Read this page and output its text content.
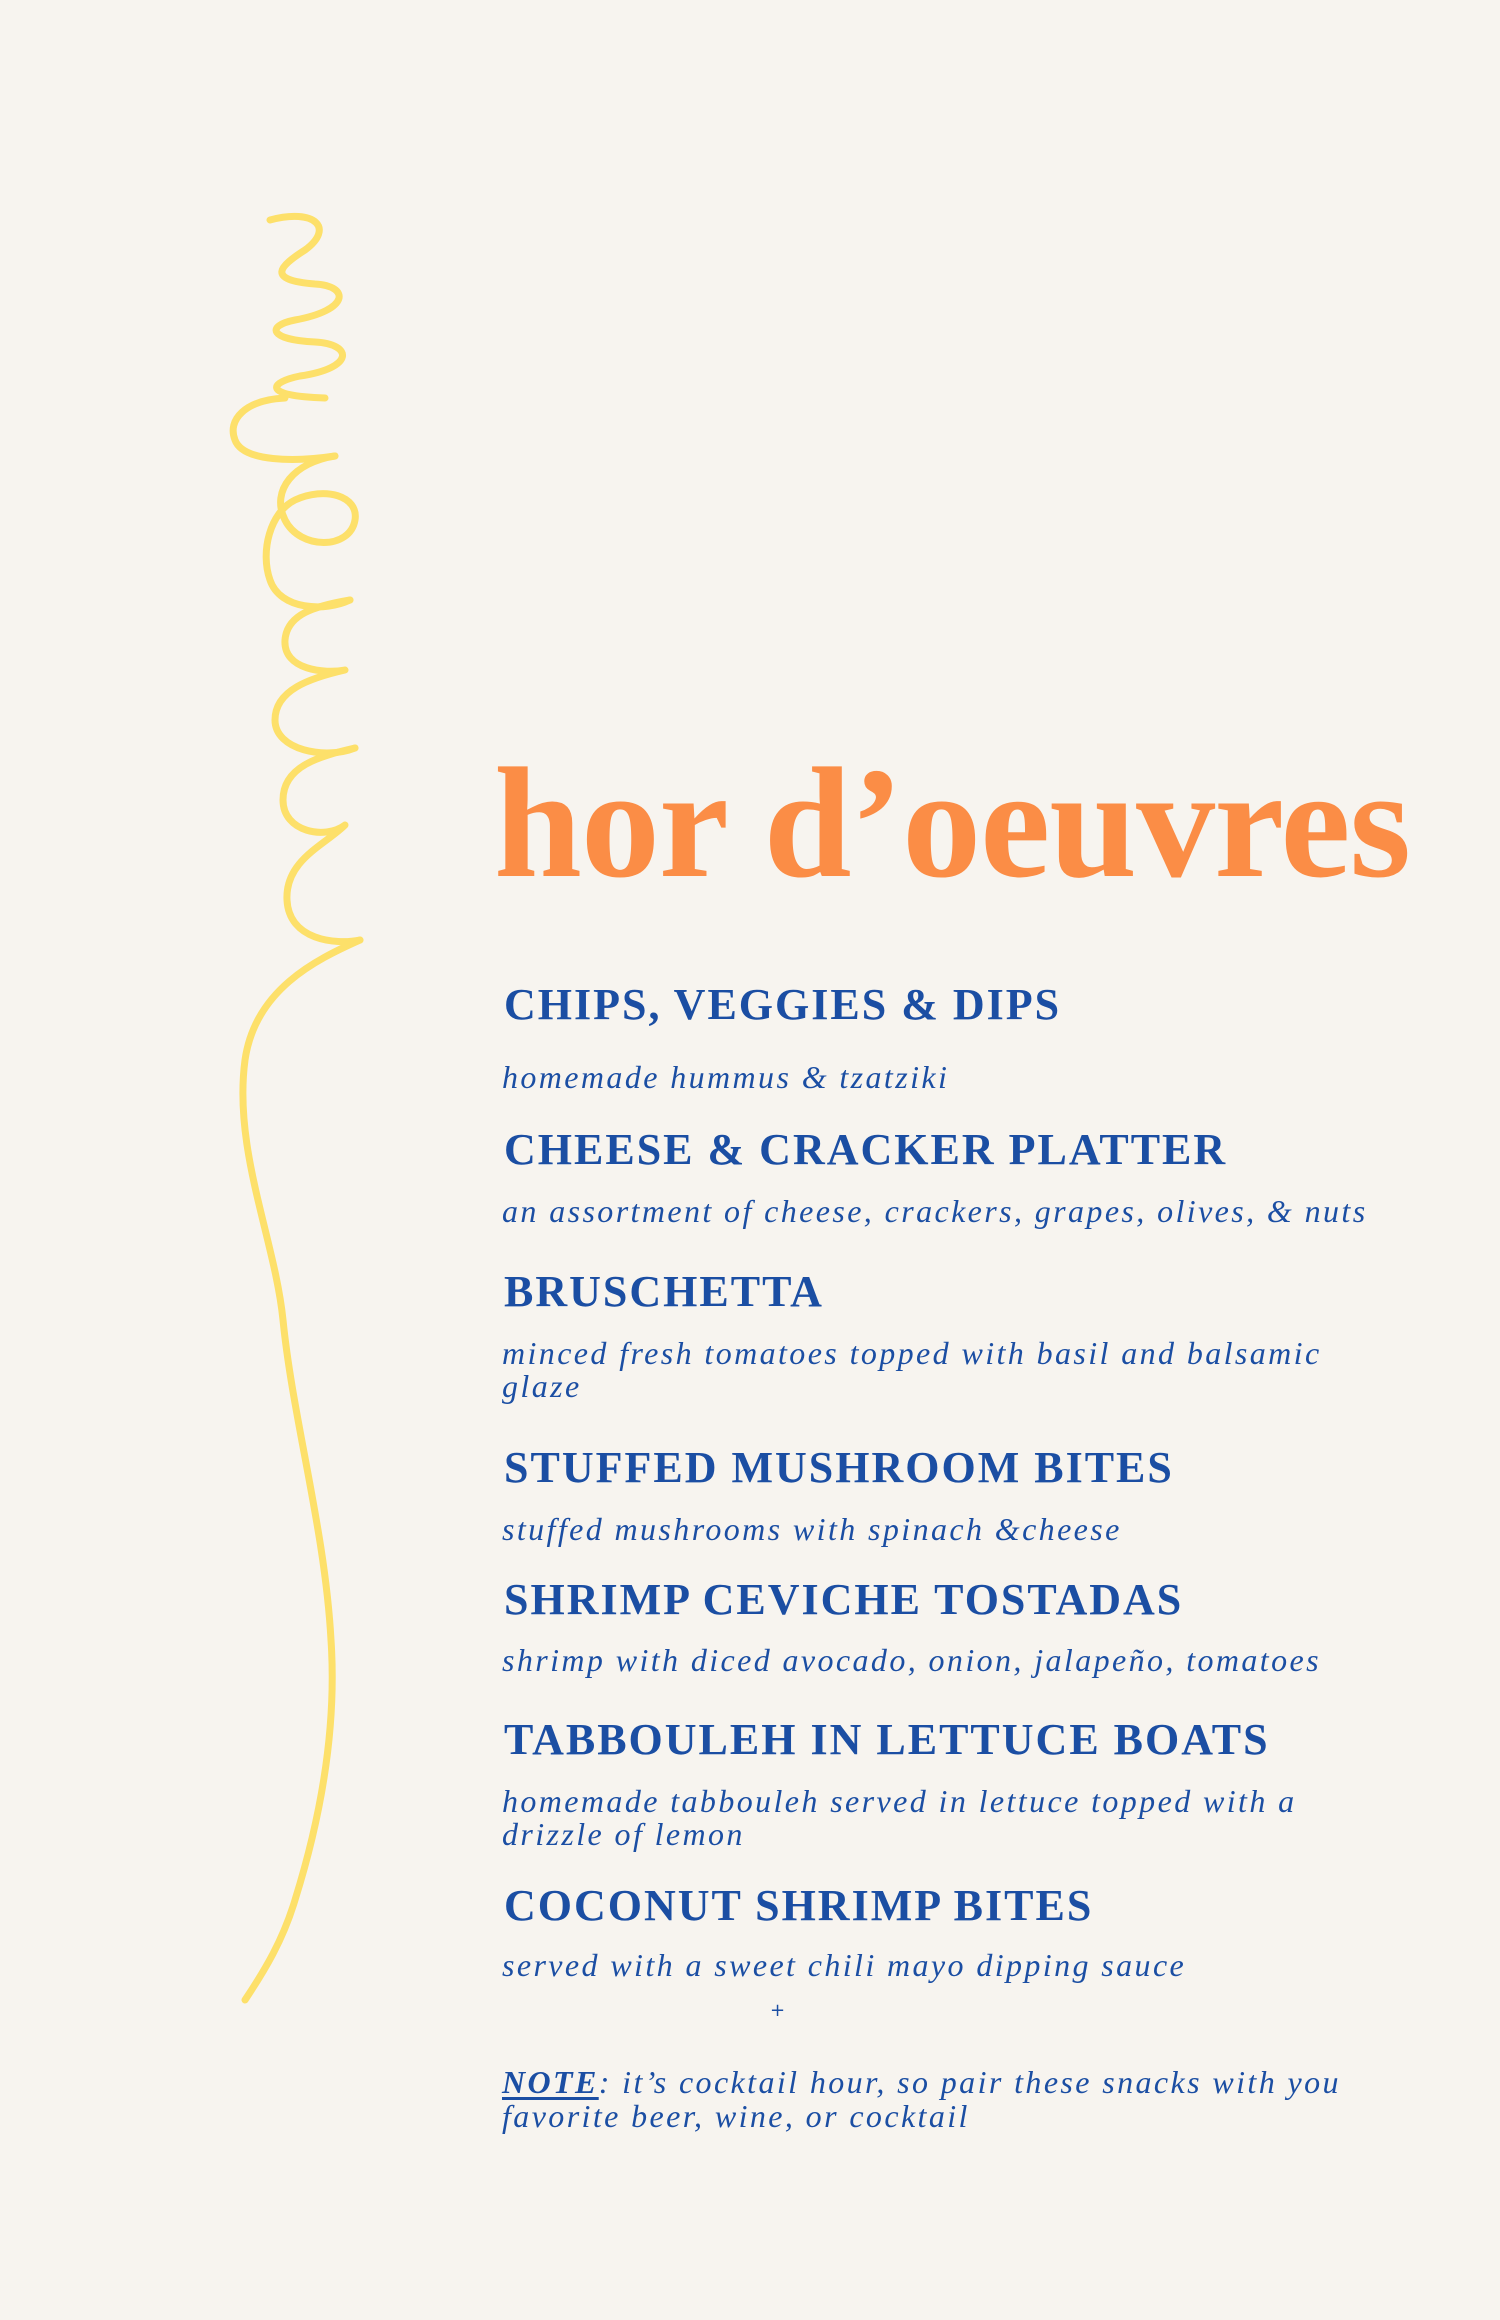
hor d’oeuvres
CHIPS, VEGGIES & DIPS

homemade hummus & tzatziki

CHEESE & CRACKER PLATTER

an assortment of cheese, crackers, grapes, olives, & nuts

BRUSCHETTA

minced fresh tomatoes topped with basil and balsamic glaze

STUFFED MUSHROOM BITES

stuffed mushrooms with spinach &cheese

SHRIMP CEVICHE TOSTADAS

shrimp with diced avocado, onion, jalapeño, tomatoes

TABBOULEH IN LETTUCE BOATS

homemade tabbouleh served in lettuce topped with a drizzle of lemon

COCONUT SHRIMP BITES

served with a sweet chili mayo dipping sauce

+

NOTE: it’s cocktail hour, so pair these snacks with you favorite beer, wine, or cocktail
